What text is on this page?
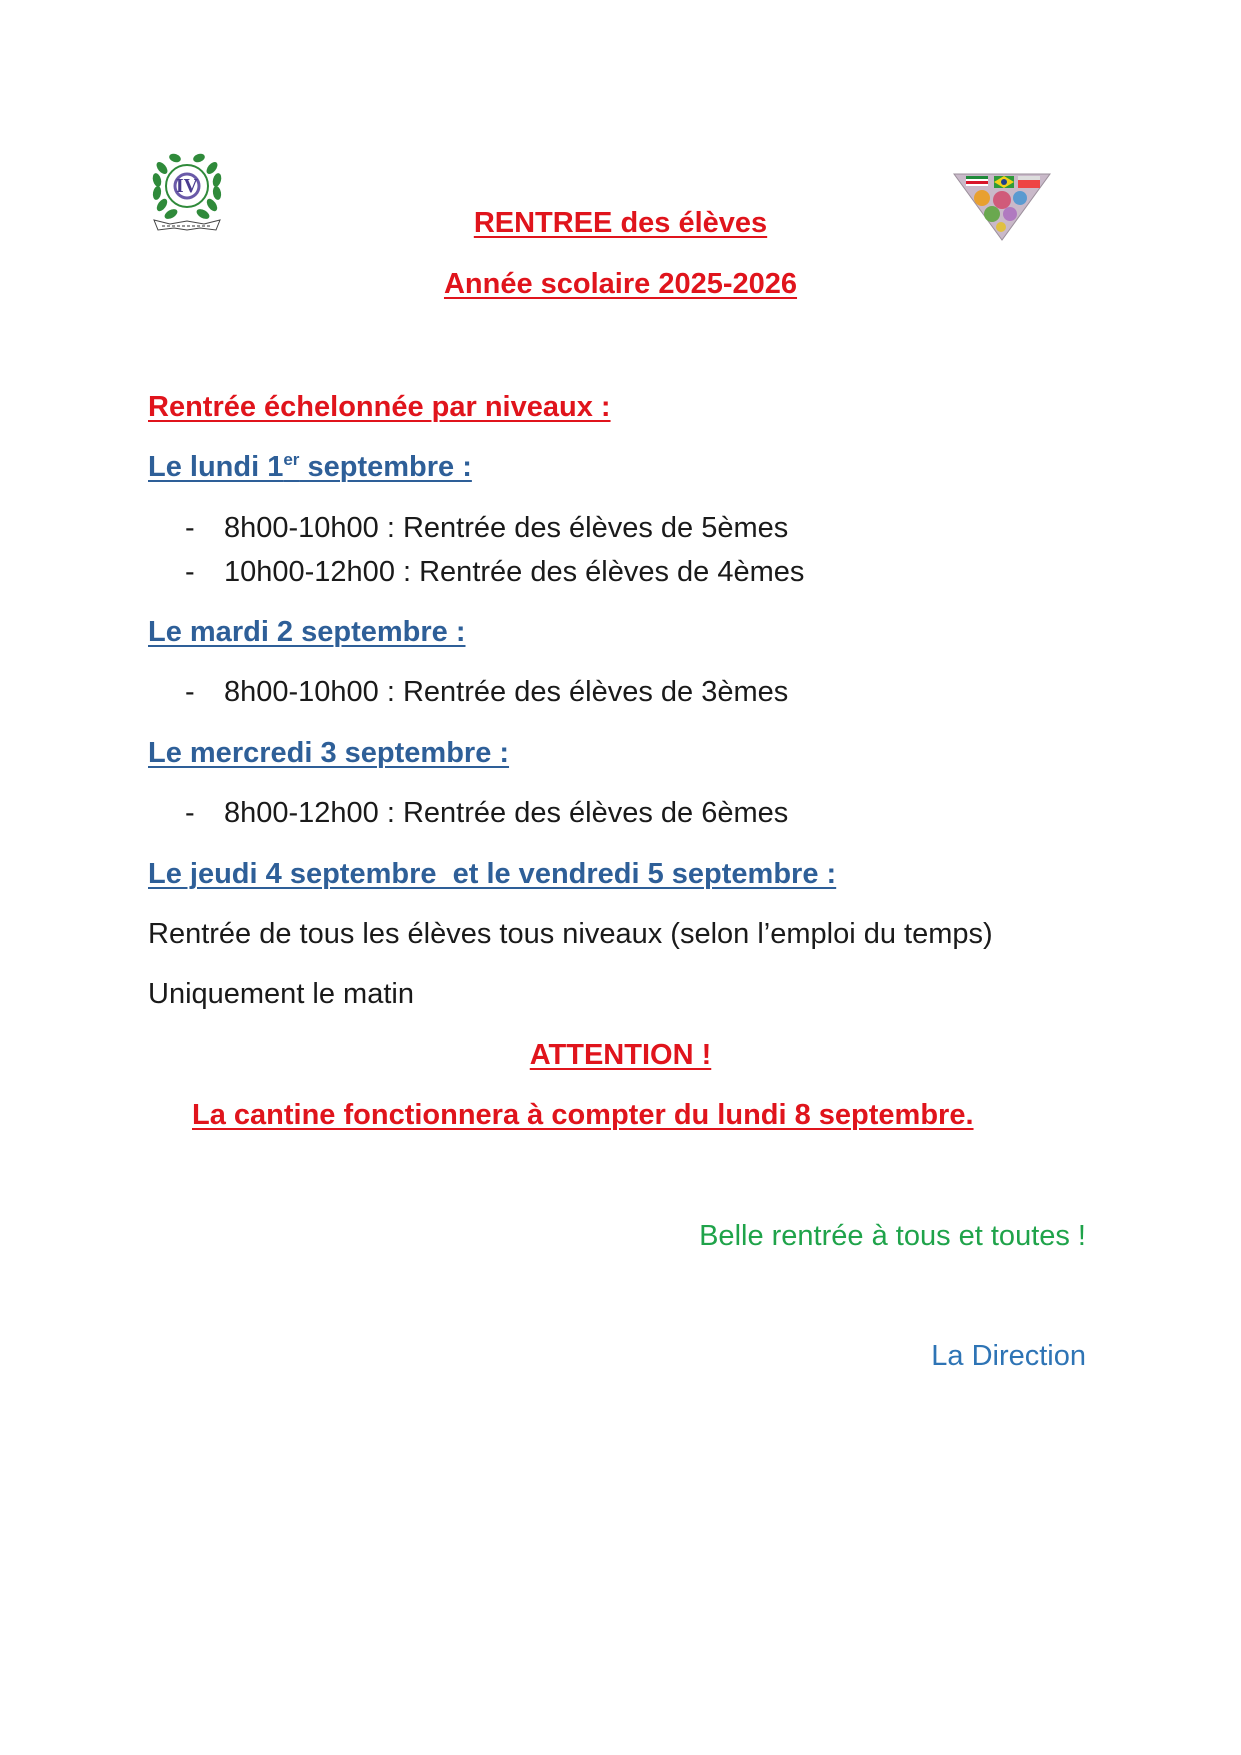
IV
RENTREE des élèves
Année scolaire 2025-2026
Rentrée échelonnée par niveaux :
Le lundi 1er septembre :
- 8h00-10h00 : Rentrée des élèves de 5èmes
- 10h00-12h00 : Rentrée des élèves de 4èmes
Le mardi 2 septembre :
- 8h00-10h00 : Rentrée des élèves de 3èmes
Le mercredi 3 septembre :
- 8h00-12h00 : Rentrée des élèves de 6èmes
Le jeudi 4 septembre  et le vendredi 5 septembre :
Rentrée de tous les élèves tous niveaux (selon l’emploi du temps)
Uniquement le matin
ATTENTION !
La cantine fonctionnera à compter du lundi 8 septembre.
Belle rentrée à tous et toutes !
La Direction
